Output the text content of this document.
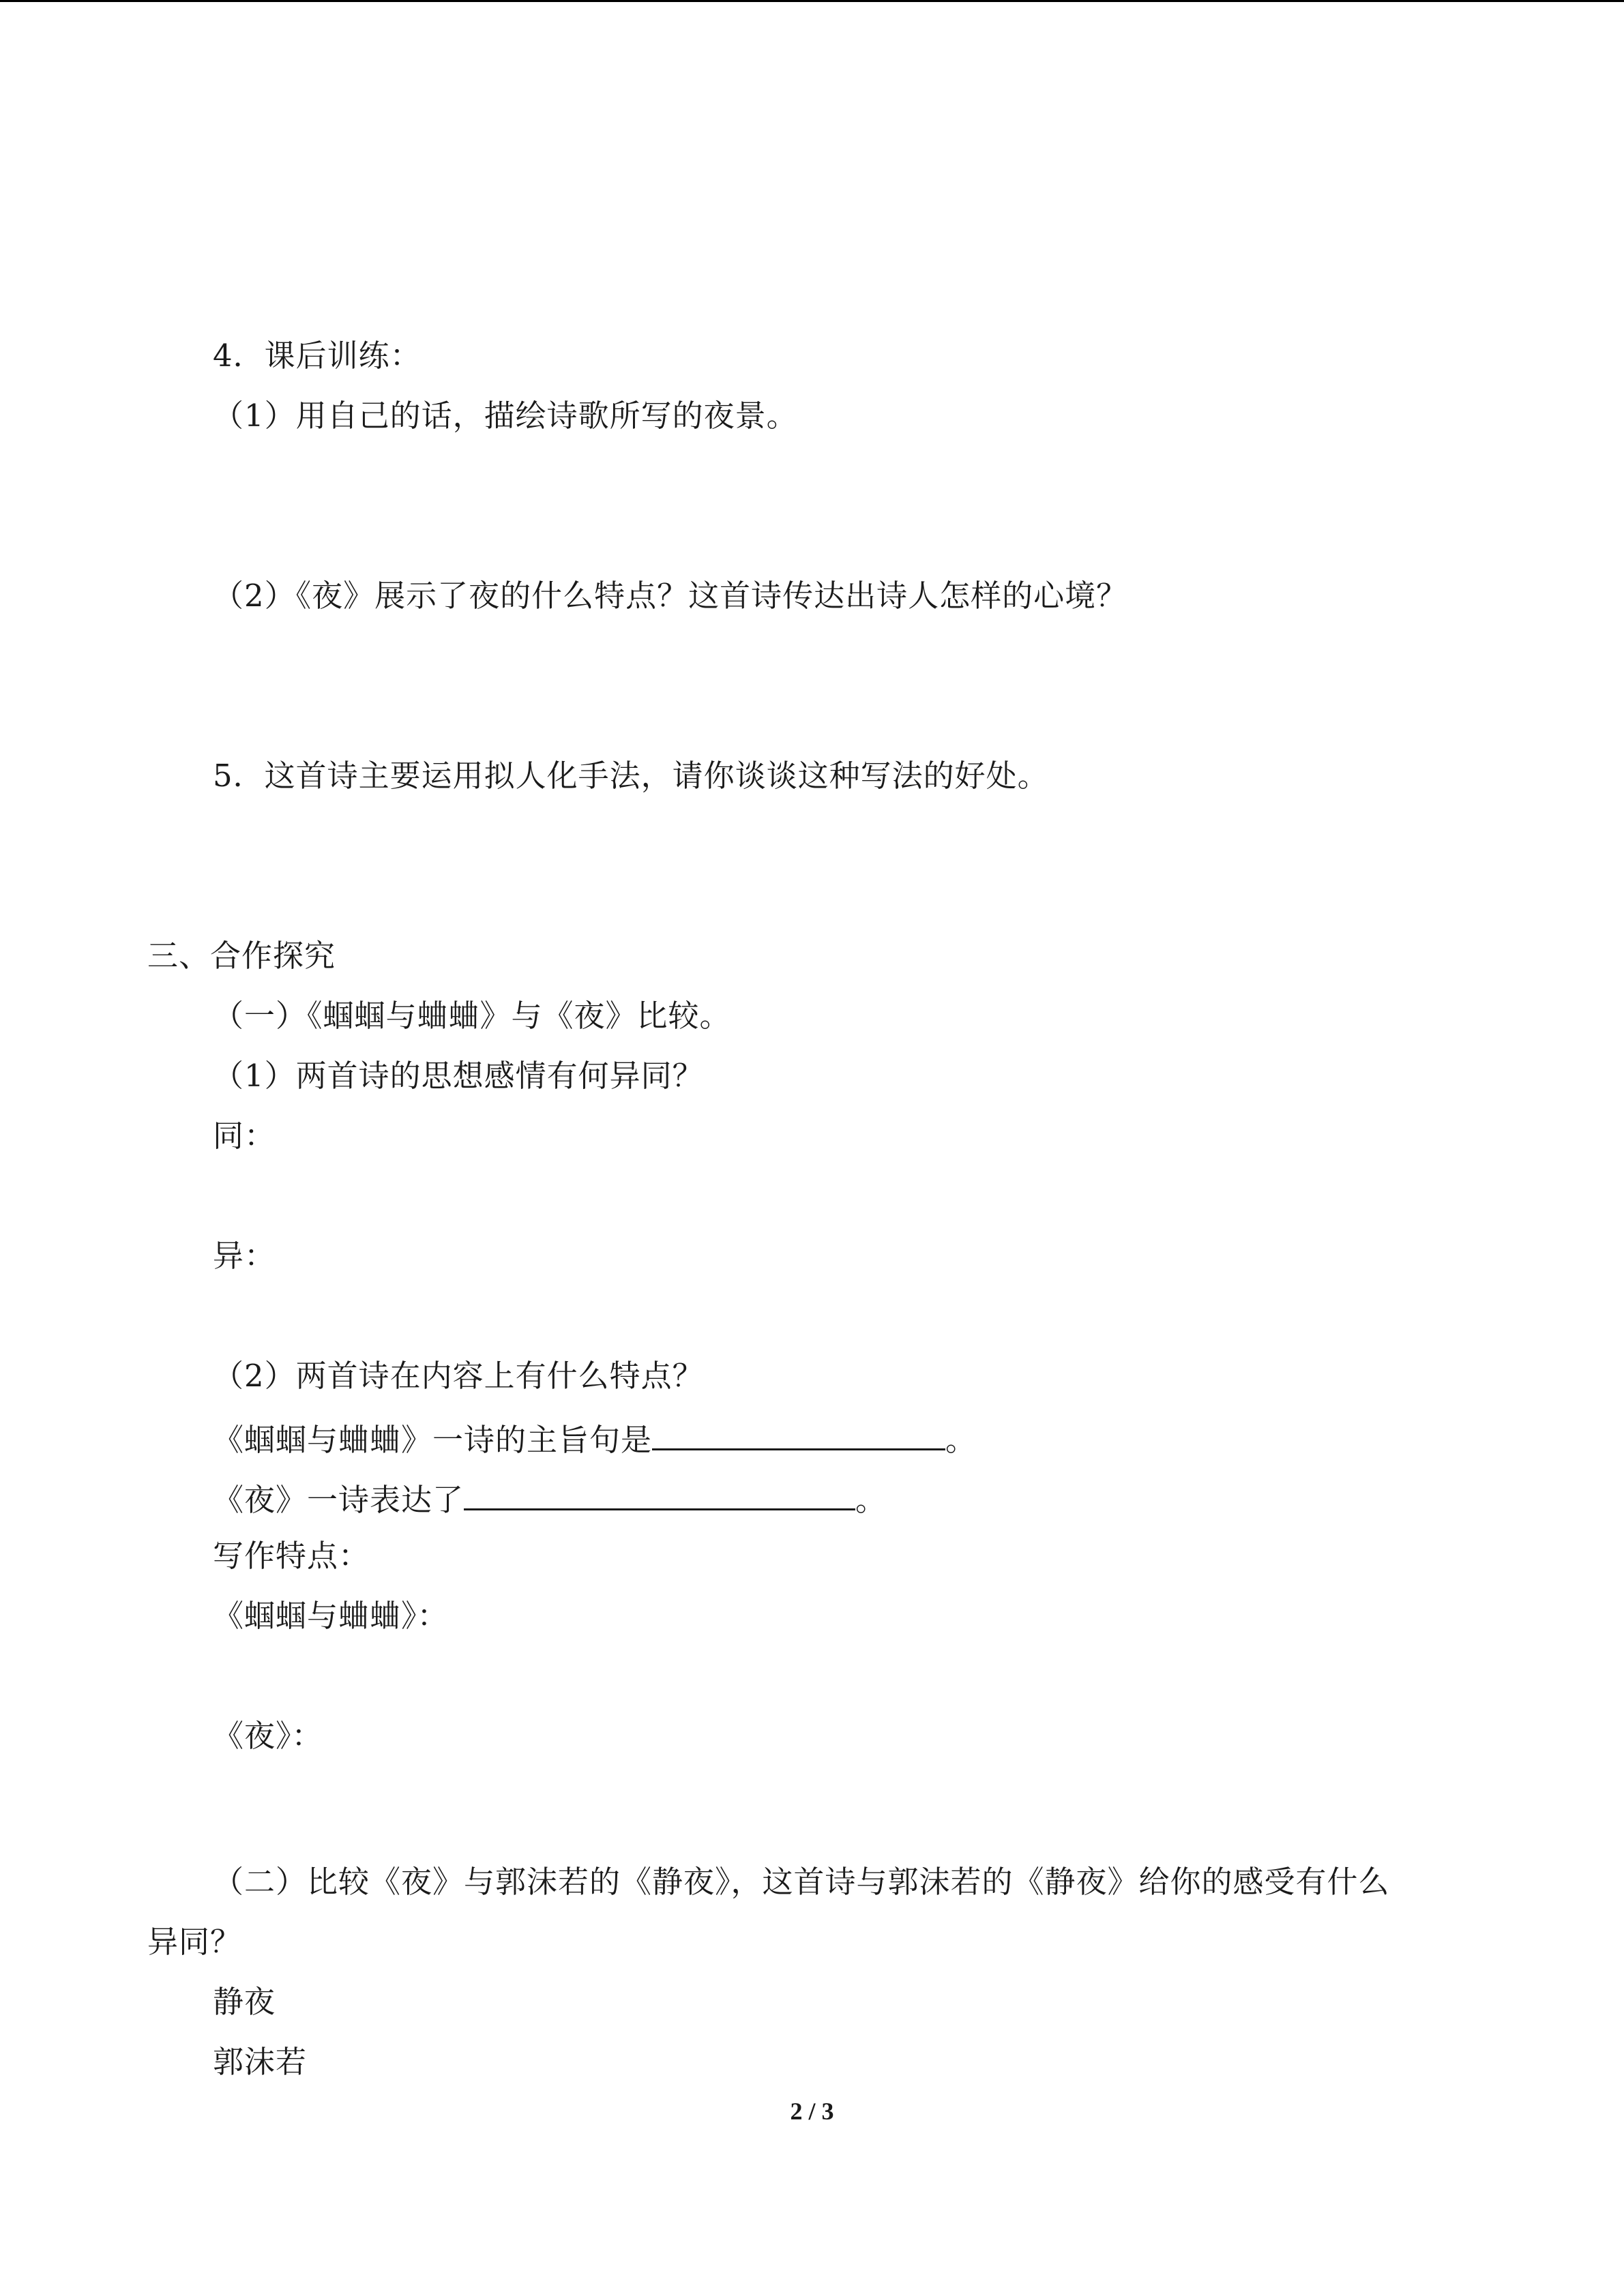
4．课后训练：
（1）用自己的话，描绘诗歌所写的夜景。
（2）《夜》展示了夜的什么特点？这首诗传达出诗人怎样的心境？
5．这首诗主要运用拟人化手法，请你谈谈这种写法的好处。
三、合作探究
（一）《蝈蝈与蛐蛐》与《夜》比较。
（1）两首诗的思想感情有何异同？
同：
异：
（2）两首诗在内容上有什么特点？
《蝈蝈与蛐蛐》一诗的主旨句是	。
《夜》一诗表达了	。
写作特点：
《蝈蝈与蛐蛐》：
《夜》：
（二）比较《夜》与郭沫若的《静夜》，这首诗与郭沫若的《静夜》给你的感受有什么
异同？
静夜
郭沫若
2 / 3
